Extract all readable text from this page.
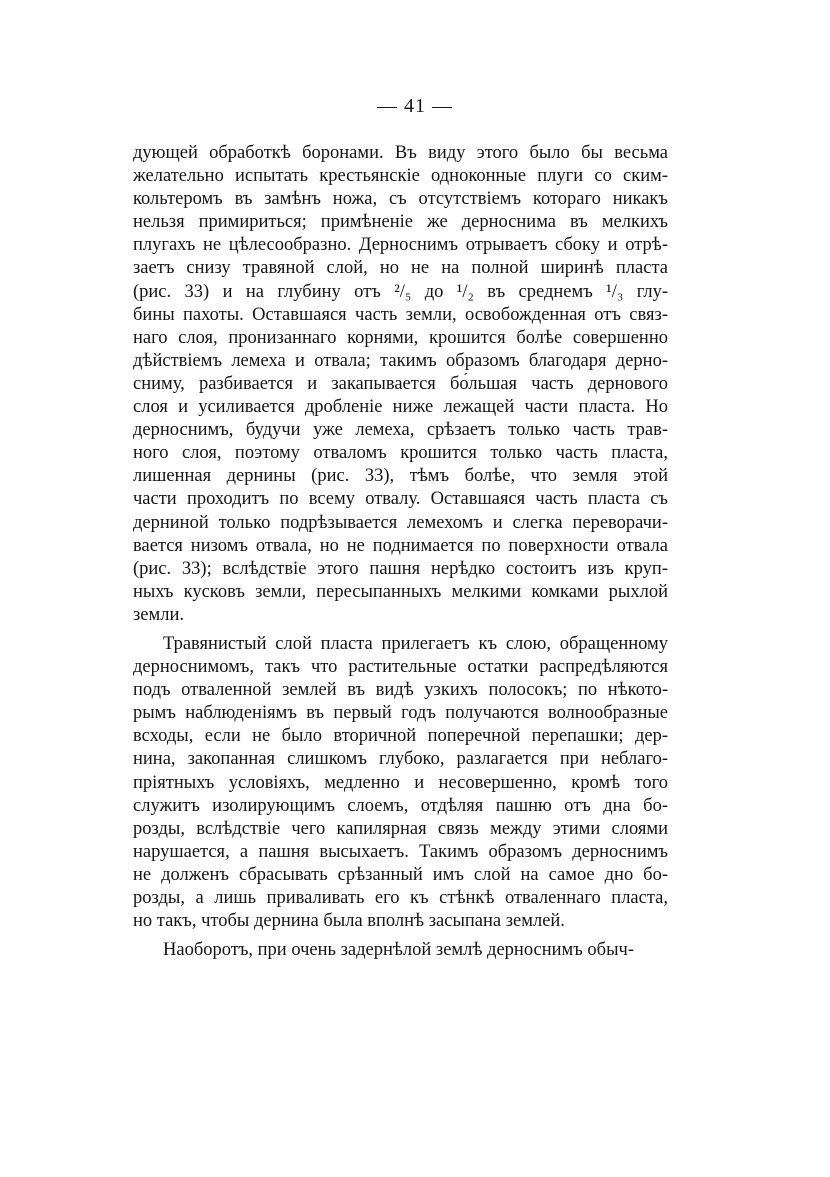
— 41 —
дующей обработкѣ боронами. Въ виду этого было бы весьма
желательно испытать крестьянскіе одноконные плуги со ским-
кольтеромъ въ замѣнъ ножа, съ отсутствіемъ котораго никакъ
нельзя примириться; примѣненіе же дерноснима въ мелкихъ
плугахъ не цѣлесообразно. Дерноснимъ отрываетъ сбоку и отрѣ-
заетъ снизу травяной слой, но не на полной ширинѣ пласта
(рис. 33) и на глубину отъ ²/₅ до ¹/₂ въ среднемъ ¹/₃ глу-
бины пахоты. Оставшаяся часть земли, освобожденная отъ связ-
наго слоя, пронизаннаго корнями, крошится болѣе совершенно
дѣйствіемъ лемеха и отвала; такимъ образомъ благодаря дерно-
сниму, разбивается и закапывается бо́льшая часть дернового
слоя и усиливается дробленіе ниже лежащей части пласта. Но
дерноснимъ, будучи уже лемеха, срѣзаетъ только часть трав-
ного слоя, поэтому отваломъ крошится только часть пласта,
лишенная дернины (рис. 33), тѣмъ болѣе, что земля этой
части проходитъ по всему отвалу. Оставшаяся часть пласта съ
дерниной только подрѣзывается лемехомъ и слегка переворачи-
вается низомъ отвала, но не поднимается по поверхности отвала
(рис. 33); вслѣдствіе этого пашня нерѣдко состоитъ изъ круп-
ныхъ кусковъ земли, пересыпанныхъ мелкими комками рыхлой
земли.
Травянистый слой пласта прилегаетъ къ слою, обращенному
дерноснимомъ, такъ что растительные остатки распредѣляются
подъ отваленной землей въ видѣ узкихъ полосокъ; по нѣкото-
рымъ наблюденіямъ въ первый годъ получаются волнообразные
всходы, если не было вторичной поперечной перепашки; дер-
нина, закопанная слишкомъ глубоко, разлагается при неблаго-
пріятныхъ условіяхъ, медленно и несовершенно, кромѣ того
служитъ изолирующимъ слоемъ, отдѣляя пашню отъ дна бо-
розды, вслѣдствіе чего капилярная связь между этими слоями
нарушается, а пашня высыхаетъ. Такимъ образомъ дерноснимъ
не долженъ сбрасывать срѣзанный имъ слой на самое дно бо-
розды, а лишь приваливать его къ стѣнкѣ отваленнаго пласта,
но такъ, чтобы дернина была вполнѣ засыпана землей.
Наоборотъ, при очень задернѣлой землѣ дерноснимъ обыч-
